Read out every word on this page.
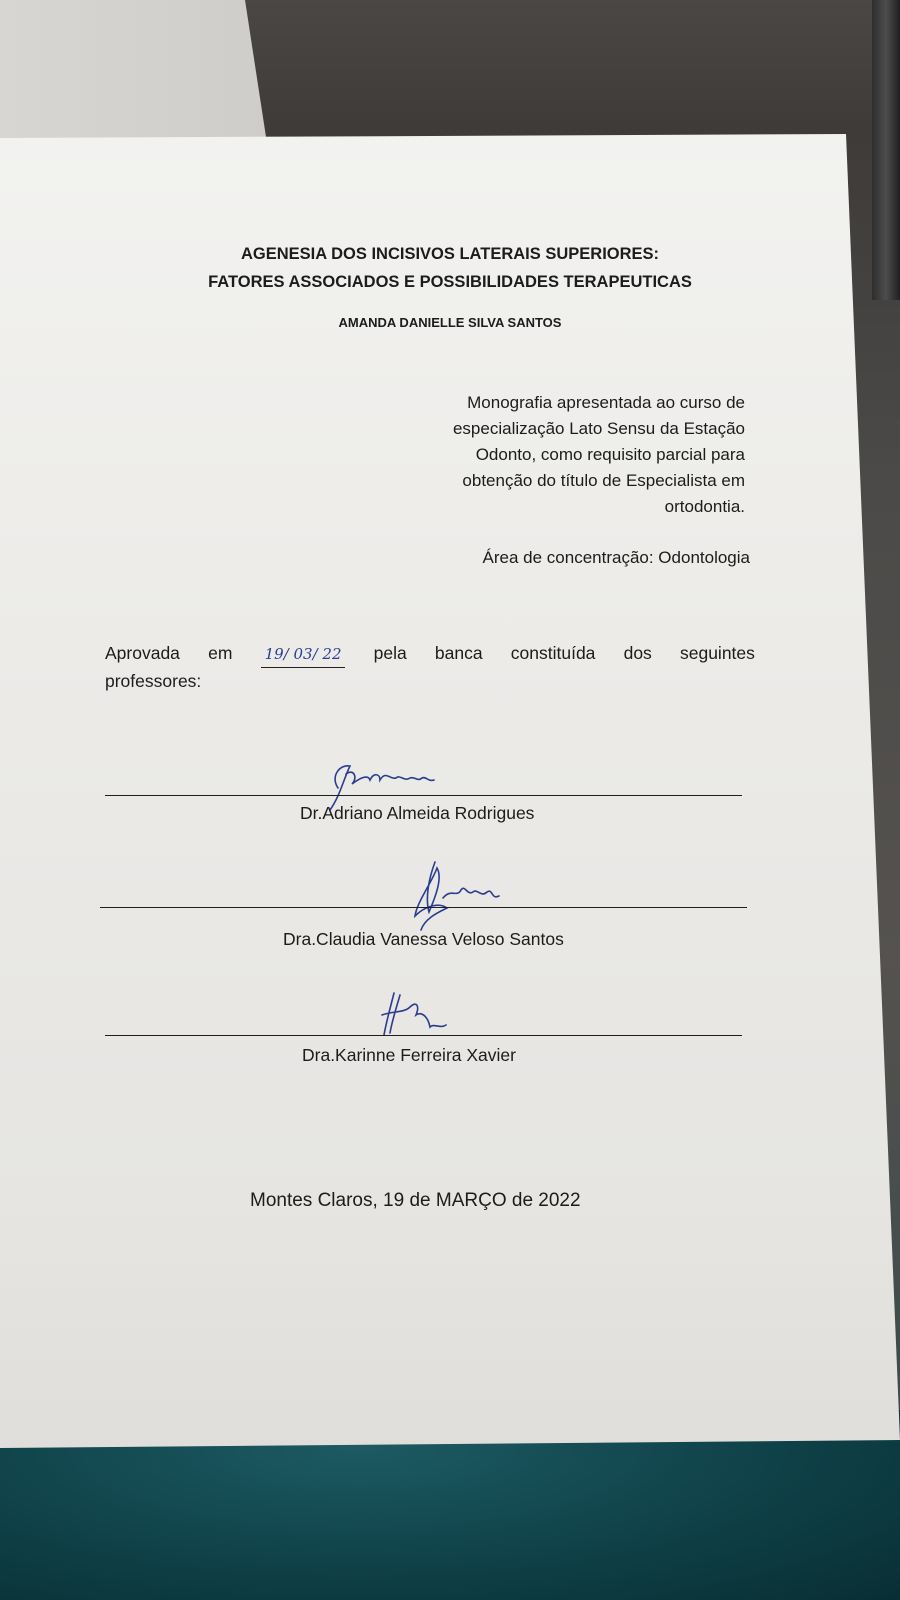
AGENESIA DOS INCISIVOS LATERAIS SUPERIORES:
FATORES ASSOCIADOS E POSSIBILIDADES TERAPEUTICAS
AMANDA DANIELLE SILVA SANTOS
Monografia apresentada ao curso de
especialização Lato Sensu da Estação
Odonto, como requisito parcial para
obtenção do título de Especialista em
ortodontia.
Área de concentração: Odontologia
Aprovada em 19/ 03/ 22 pela banca constituída dos seguintes
professores:
Dr.Adriano Almeida Rodrigues
Dra.Claudia Vanessa Veloso Santos
Dra.Karinne Ferreira Xavier
Montes Claros, 19 de MARÇO de 2022
